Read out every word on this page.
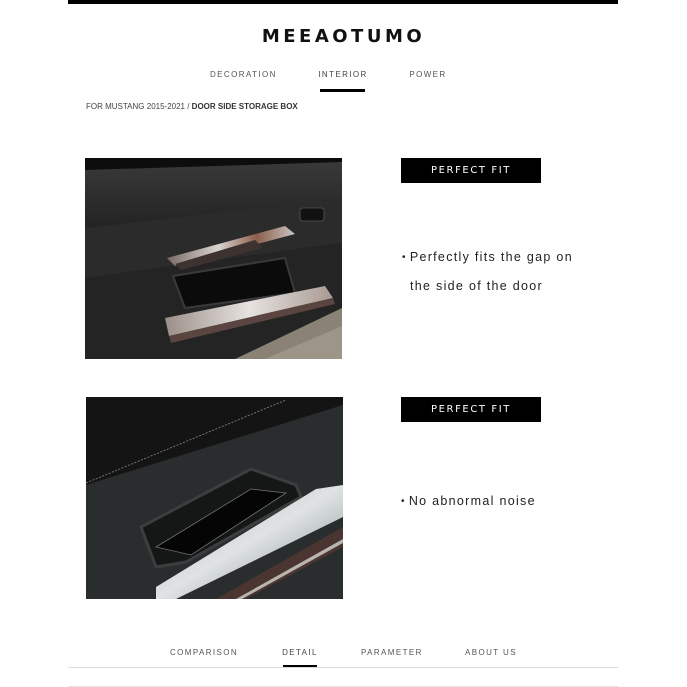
MEEAOTUMO
DECORATION	INTERIOR	POWER
FOR MUSTANG 2015-2021 / DOOR SIDE STORAGE BOX
PERFECT FIT
• Perfectly fits the gap on
the side of the door
PERFECT FIT
• No abnormal noise
COMPARISON	DETAIL	PARAMETER	ABOUT US
